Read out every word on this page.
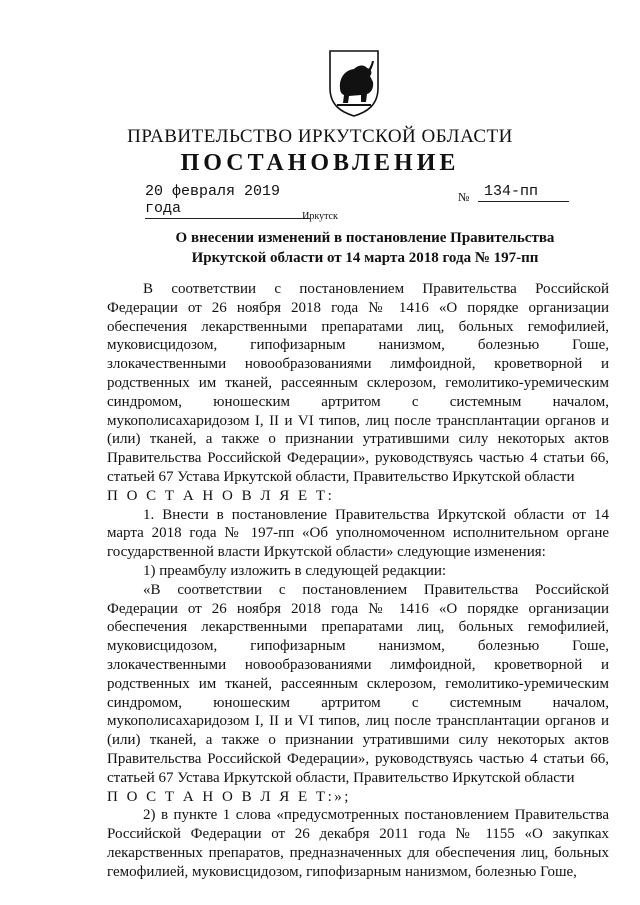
ПРАВИТЕЛЬСТВО ИРКУТСКОЙ ОБЛАСТИ
ПОСТАНОВЛЕНИЕ
20 февраля 2019 года
№ 134-пп
Иркутск
О внесении изменений в постановление Правительства
Иркутской области от 14 марта 2018 года № 197-пп

В соответствии с постановлением Правительства Российской Федерации от 26 ноября 2018 года № 1416 «О порядке организации обеспечения лекарственными препаратами лиц, больных гемофилией, муковисцидозом, гипофизарным нанизмом, болезнью Гоше, злокачественными новообразованиями лимфоидной, кроветворной и родственных им тканей, рассеянным склерозом, гемолитико-уремическим синдромом, юношеским артритом с системным началом, мукополисахаридозом I, II и VI типов, лиц после трансплантации органов и (или) тканей, а также о признании утратившими силу некоторых актов Правительства Российской Федерации», руководствуясь частью 4 статьи 66, статьей 67 Устава Иркутской области, Правительство Иркутской области

П О С Т А Н О В Л Я Е Т:

1. Внести в постановление Правительства Иркутской области от 14 марта 2018 года № 197-пп «Об уполномоченном исполнительном органе государственной власти Иркутской области» следующие изменения:

1) преамбулу изложить в следующей редакции:

«В соответствии с постановлением Правительства Российской Федерации от 26 ноября 2018 года № 1416 «О порядке организации обеспечения лекарственными препаратами лиц, больных гемофилией, муковисцидозом, гипофизарным нанизмом, болезнью Гоше, злокачественными новообразованиями лимфоидной, кроветворной и родственных им тканей, рассеянным склерозом, гемолитико-уремическим синдромом, юношеским артритом с системным началом, мукополисахаридозом I, II и VI типов, лиц после трансплантации органов и (или) тканей, а также о признании утратившими силу некоторых актов Правительства Российской Федерации», руководствуясь частью 4 статьи 66, статьей 67 Устава Иркутской области, Правительство Иркутской области

П О С Т А Н О В Л Я Е Т:»;

2) в пункте 1 слова «предусмотренных постановлением Правительства Российской Федерации от 26 декабря 2011 года № 1155 «О закупках лекарственных препаратов, предназначенных для обеспечения лиц, больных гемофилией, муковисцидозом, гипофизарным нанизмом, болезнью Гоше,
